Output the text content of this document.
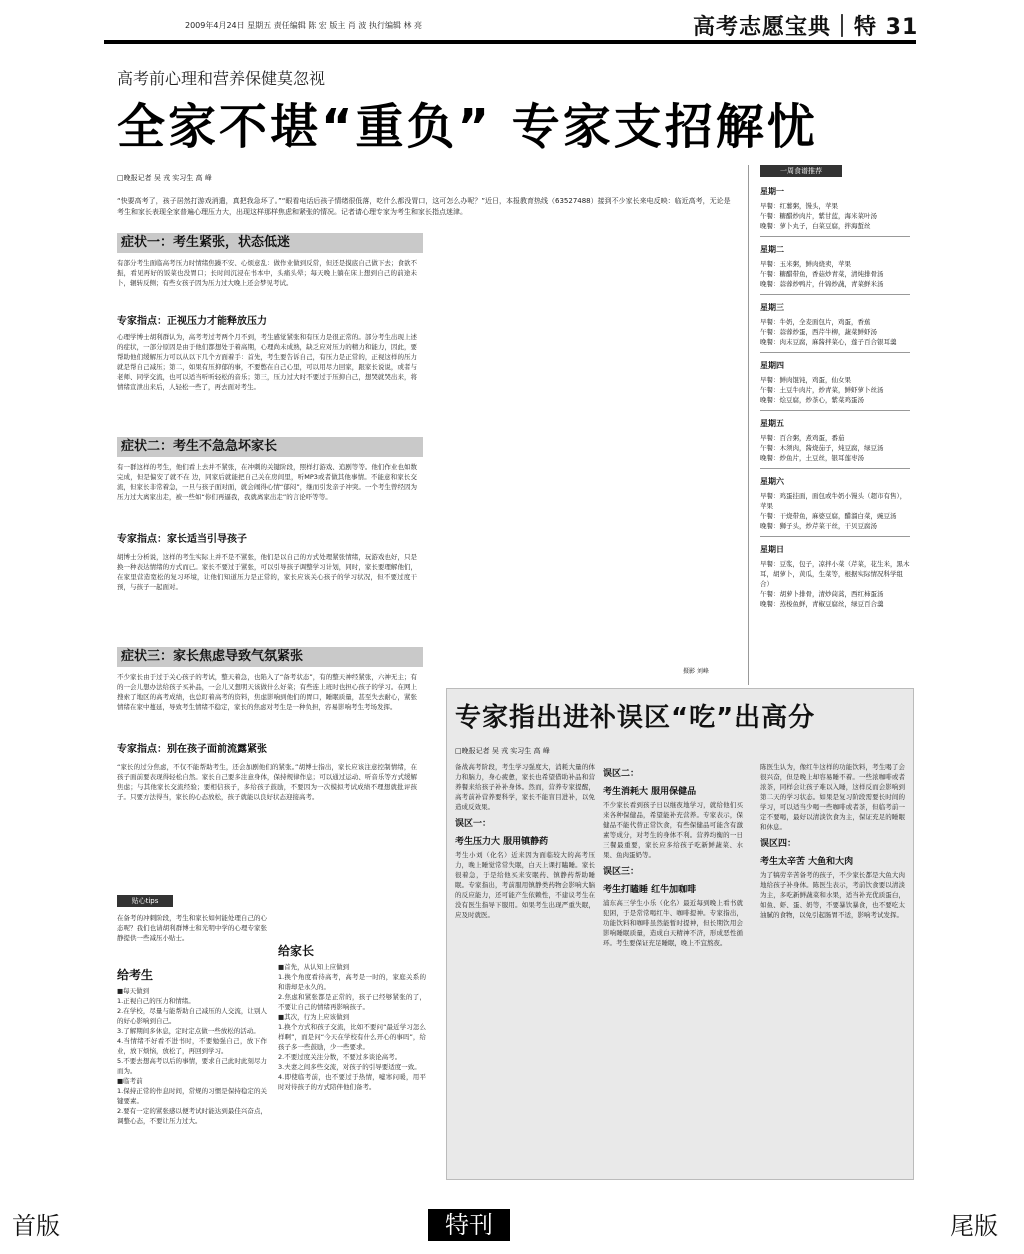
2009年4月24日 星期五 责任编辑 陈 宏 版主 肖 波 执行编辑 林 亮	高考志愿宝典｜特 31
高考前心理和营养保健莫忽视
全家不堪“重负” 专家支招解忧
□晚报记者 吴 戎 实习生 高 峰
“快要高考了，孩子居然打游戏消遣，真把我急坏了。”“眼看电话后孩子情绪很低落，吃什么都没胃口，这可怎么办呢？”近日，本报教育热线（63527488）接到不少家长来电反映：临近高考，无论是考生和家长表现全家普遍心理压力大，出现这样那样焦虑和紧张的情况。记者请心理专家为考生和家长指点迷津。
症状一：考生紧张，状态低迷
有部分考生面临高考压力时情绪焦躁不安、心烦意乱：做作业做到反常，但还是摸底自己做下去；食欲不振，看见再好的饭菜也没胃口；长时间沉浸在书本中，头痛头晕；每天晚上躺在床上想到自己的前途未卜，辗转反侧；有些女孩子因为压力过大晚上还会梦见考试。
专家指点：正视压力才能释放压力
心理学博士胡利群认为，高考考过考两个月不到，考生感觉紧张和有压力是很正常的。部分考生出现上述的症状，一部分原因是由于他们都想处于着高期，心理尚未成熟，缺乏应对压力的精力和能力，因此，要帮助他们缓解压力可以从以下几个方面着手：首先，考生要告诉自己，有压力是正常的，正视这样的压力就是帮自己减压；第二，如果有压抑郁的事，不要憋在自己心里，可以用尽力回家，跟家长说说，或者与老师、同学交流，也可以适当听听轻松的音乐；第三，压力过大时不要过于压抑自己，想哭就哭出来，将情绪宣泄出来后，人轻松一些了，再去面对考生。
症状二：考生不急急坏家长
有一群这样的考生，他们看上去并不紧张，在冲刺的关键阶段，照样打游戏、追剧等等。他们作业也如数完成，但是偏安了就不在 边，同家后就能把自己关在房间里，听MP3或者做其他事情。不能意和家长交流，但家长非常着急，一旦与孩子面对面，就会闹得心情“郁闷”，继而引发亲子冲突。一个考生曾经因为压力过大离家出走，被一些如“你们再逼我，我就离家出走”的言论吓等等。
专家指点：家长适当引导孩子
胡博士分析说，这样的考生实际上并不是不紧张，他们是以自己的方式处理紧张情绪，玩游戏也好，只是换一种表达情绪的方式而已。家长不要过于紧张，可以引导孩子调整学习计划，同时，家长要理解他们，在家里营造宽松的复习环境，让他们知道压力是正常的，家长应该关心孩子的学习状况，但不要过度干预，与孩子一起面对。
症状三：家长焦虑导致气氛紧张
不少家长由于过于关心孩子的考试，整天着急，也陷入了“备考状态”，有的整天神经紧张，六神无主；有的一会儿想办法给孩子买补品，一会儿又想明天该做什么好菜；有些连上班时也担心孩子的学习。在网上搜索了地区的高考成绩，也总盯着高考的资料，焦虑影响到他们的胃口，睡眠质量，甚至失去耐心，紧张情绪在家中蔓延，导致考生情绪不稳定，家长的焦虑对考生是一种负担，容易影响考生考场发挥。
专家指点：别在孩子面前流露紧张
“家长的过分焦虑，不仅不能帮助考生，还会加剧他们的紧张。”胡博士指出，家长应该注意控制情绪，在孩子面前要表现得轻松自然。家长自己要多注意身体，保持规律作息；可以通过运动、听音乐等方式缓解焦虑；与其他家长交流经验；要相信孩子，多给孩子鼓励，不要因为一次模拟考试成绩不理想就批评孩子。只要方法得当，家长的心态放松，孩子就能以良好状态迎接高考。
一周食谱推荐
星期一
早餐：红薯粥，馒头，苹果
午餐：糖醋炒肉片，紫甘蓝，海米菜叶汤
晚餐：萝卜丸子，白菜豆腐，拌海蜇丝
星期二
早餐：玉米粥，鲜肉烧卖，苹果
午餐：糖醋带鱼，香菇炒青菜，清炖排骨汤
晚餐：蒜蓉炒鸭片，什锦炒蔬，青菜鲜米汤
星期三
早餐：牛奶，全麦面包片，鸡蛋，香蕉
午餐：蒜蓉炒蛋，西芹牛柳，蔬菜鲜虾汤
晚餐：肉末豆腐，麻酱拌菜心，莲子百合银耳羹
星期四
早餐：鲜肉馄饨，鸡蛋，仙女果
午餐：土豆牛肉片，炒青菜，鲜虾萝卜丝汤
晚餐：烩豆腐，炒茶心，紫菜鸡蛋汤
星期五
早餐：百合粥，煮鸡蛋，番茄
午餐：木须肉，酱烧茄子，炖豆腐，绿豆汤
晚餐：炒鱼片，土豆丝，银耳莲枣汤
星期六
早餐：鸡蛋挂面，面包或牛奶小馒头（超市有售），苹果
午餐：干烧带鱼，麻婆豆腐，醋溜白菜，豌豆汤
晚餐：狮子头，炒芹菜干丝，干贝豆腐汤
星期日
早餐：豆浆，包子，凉拌小菜（芹菜，花生米，黑木耳，胡萝卜，黄瓜，生菜等，根据实际情况科学组合）
午餐：胡萝卜排骨，清炒茼蒿，西红柿蛋汤
晚餐：蒸梭鱼鲜，青椒豆腐丝，绿豆百合羹
摄影 刘峰
专家指出进补误区“吃”出高分
□晚报记者 吴 戎 实习生 高 峰
备战高考阶段，考生学习强度大，消耗大量的体力和脑力，身心疲惫，家长也希望借助补品和营养餐来给孩子补补身体。然而，营养专家提醒，高考前补营养要科学，家长不能盲目进补，以免造成反效果。
误区一：
考生压力大 服用镇静药
考生小刘（化名）近来因为面临较大的高考压力，晚上睡觉常常失眠，白天上课打瞌睡。家长很着急，于是给他买来安眠药、镇静药帮助睡眠。专家指出，考前服用镇静类药物会影响大脑的反应能力，还可能产生依赖性，不建议考生在没有医生指导下服用。如果考生出现严重失眠，应及时就医。
误区二：
考生消耗大 服用保健品
不少家长看到孩子日以继夜地学习，就给他们买来各种保健品，希望能补充营养。专家表示，保健品不能代替正常饮食，有些保健品可能含有激素等成分，对考生的身体不利。营养均衡的一日三餐最重要，家长应多给孩子吃新鲜蔬菜、水果、鱼肉蛋奶等。
误区三：
考生打瞌睡 红牛加咖啡
浦东高三学生小乐（化名）最近每到晚上看书就犯困，于是常常喝红牛、咖啡提神。专家指出，功能饮料和咖啡虽然能暂时提神，但长期饮用会影响睡眠质量，造成白天精神不济，形成恶性循环。考生要保证充足睡眠，晚上不宜熬夜。
陈医生认为，像红牛这样的功能饮料，考生喝了会很兴奋，但是晚上却容易睡不着。一些浓咖啡或者浓茶，同样会让孩子难以入睡，这样反而会影响到第二天的学习状态。如果是复习阶段需要长时间的学习，可以适当少喝一些咖啡或者茶，但临考前一定不要喝，最好以清淡饮食为主，保证充足的睡眠和休息。
误区四：
考生太辛苦 大鱼和大肉
为了犒劳辛苦备考的孩子，不少家长都是大鱼大肉地给孩子补身体。陈医生表示，考前饮食要以清淡为主，多吃新鲜蔬菜和水果，适当补充优质蛋白，如鱼、虾、蛋、奶等，不要暴饮暴食，也不要吃太油腻的食物，以免引起肠胃不适，影响考试发挥。
贴心tips
在备考的冲刺阶段，考生和家长如何能处理自己的心态呢？我们也请胡利群博士和光明中学的心理专家张静提供一些减压小贴士。
给考生
■每天做到
1.正视自己的压力和情绪。
2.在学校，尽量与能帮助自己减压的人交流，让别人的好心影响到自己。
3.了解期间多休息，定时定点做一些放松的活动。
4.当情绪不好看不进书时，不要勉强自己，放下作业，放下烦恼，放松了，再回到学习。
5.不要去想高考以后的事情，要求自己此时此刻尽力而为。
■临考前
1.保持正常的作息时间，常规的习惯是保持稳定的关键要素。
2.要有一定的紧张感以便考试时能达到最佳兴奋点，调整心态，不要让压力过大。
给家长
■首先，从认知上应做到
1.换个角度看待高考，高考是一时的，家庭关系的和谐却是永久的。
2.焦虑和紧张都是正常的，孩子已经够紧张的了，不要让自己的情绪再影响孩子。
■其次，行为上应该做到
1.换个方式和孩子交流，比如不要问“最近学习怎么样啊”，而是问“今天在学校有什么开心的事吗”，给孩子多一些鼓励，少一些要求。
2.不要过度关注分数，不要过多谈论高考。
3.夫妻之间多些交流，对孩子的引导要适度一致。
4.即使临考前，也不要过于热情，嘘寒问暖，用平时对待孩子的方式陪伴他们备考。
首版	特刊	尾版
